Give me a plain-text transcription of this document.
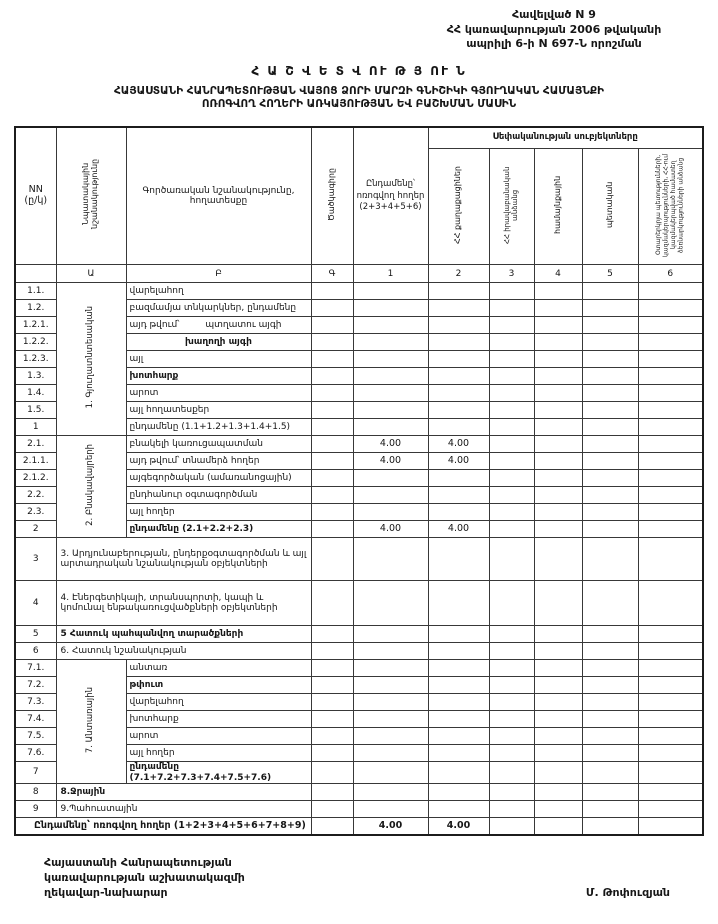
Հավելված N 9
ՀՀ կառավարության 2006 թվականի
ապրիլի 6-ի N 697-Ն որոշման
Հ Ա Շ Վ Ե Տ Վ ՈՒ Թ Յ ՈՒ Ն
ՀԱՅԱՍՏԱՆԻ ՀԱՆՐԱՊԵՏՈՒԹՅԱՆ ՎԱՅՈՑ ՁՈՐԻ ՄԱՐԶԻ ԳՆԻՇԻԿԻ ԳՅՈՒՂԱԿԱՆ ՀԱՄԱՅՆՔԻ
ՈՌՈԳՎՈՂ ՀՈՂԵՐԻ ԱՌԿԱՅՈՒԹՅԱՆ ԵՎ ԲԱՇԽՄԱՆ ՄԱՍԻՆ
NN
(ը/կ)	Նպատակային նշանակությունը	Գործառական նշանակությունը, հողատեսքը	Ծածկագիրը	Ընդամենը՝ ոռոգվող հողեր (2+3+4+5+6)	Սեփականության սուբյեկտները				
					ՀՀ քաղաքացիներ	ՀՀ իրավաբանական անձանց	համայնքային	պետական	Օտարերկրյա պետությունների, կազմակերպությունների, ՀՀ-ում կազմակերպված համատեղ ձեռնարկությունների անձանց
	Ա	Բ	Գ	1	2	3	4	5	6
1.1.	1. Գյուղատնտեսական	վարելահող							
1.2.		բազմամյա տնկարկներ, ընդամենը							
1.2.1.		այդ թվում՝ պտղատու այգի							

1.2.2.		խաղողի այգի							
1.2.3.		այլ							
1.3.		խոտհարք							
1.4.		արոտ							
1.5.		այլ հողատեսքեր							
1		ընդամենը (1.1+1.2+1.3+1.4+1.5)							
2.1.	2. Բնակավայրերի	բնակելի կառուցապատման		4.00	4.00				
2.1.1.		այդ թվում՝ տնամերձ հողեր		4.00	4.00				
2.1.2.		այգեգործական (ամառանոցային)							
2.2.		ընդհանուր օգտագործման							
2.3.		այլ հողեր							
2		ընդամենը (2.1+2.2+2.3)		4.00	4.00				
3	3. Արդյունաբերության, ընդերքօգտագործման և այլ արտադրական նշանակության օբյեկտների								
4	4. Էներգետիկայի, տրանսպորտի, կապի և կոմունալ ենթակառուցվածքների օբյեկտների								
5	5 Հատուկ պահպանվող տարածքների								
6	6. Հատուկ նշանակության								
7.1.	7. Անտառային	անտառ							
7.2.		թփուտ							
7.3.		վարելահող							
7.4.		խոտհարք							
7.5.		արոտ							
7.6.		այլ հողեր							
7		ընդամենը (7.1+7.2+7.3+7.4+7.5+7.6)							
8	8.Ջրային								
9	9.Պահուստային								
Ընդամենը՝ ոռոգվող հողեր (1+2+3+4+5+6+7+8+9)				4.00	4.00				
Հայաստանի Հանրապետության
կառավարության աշխատակազմի
ղեկավար-նախարար	Մ. Թոփուզյան
